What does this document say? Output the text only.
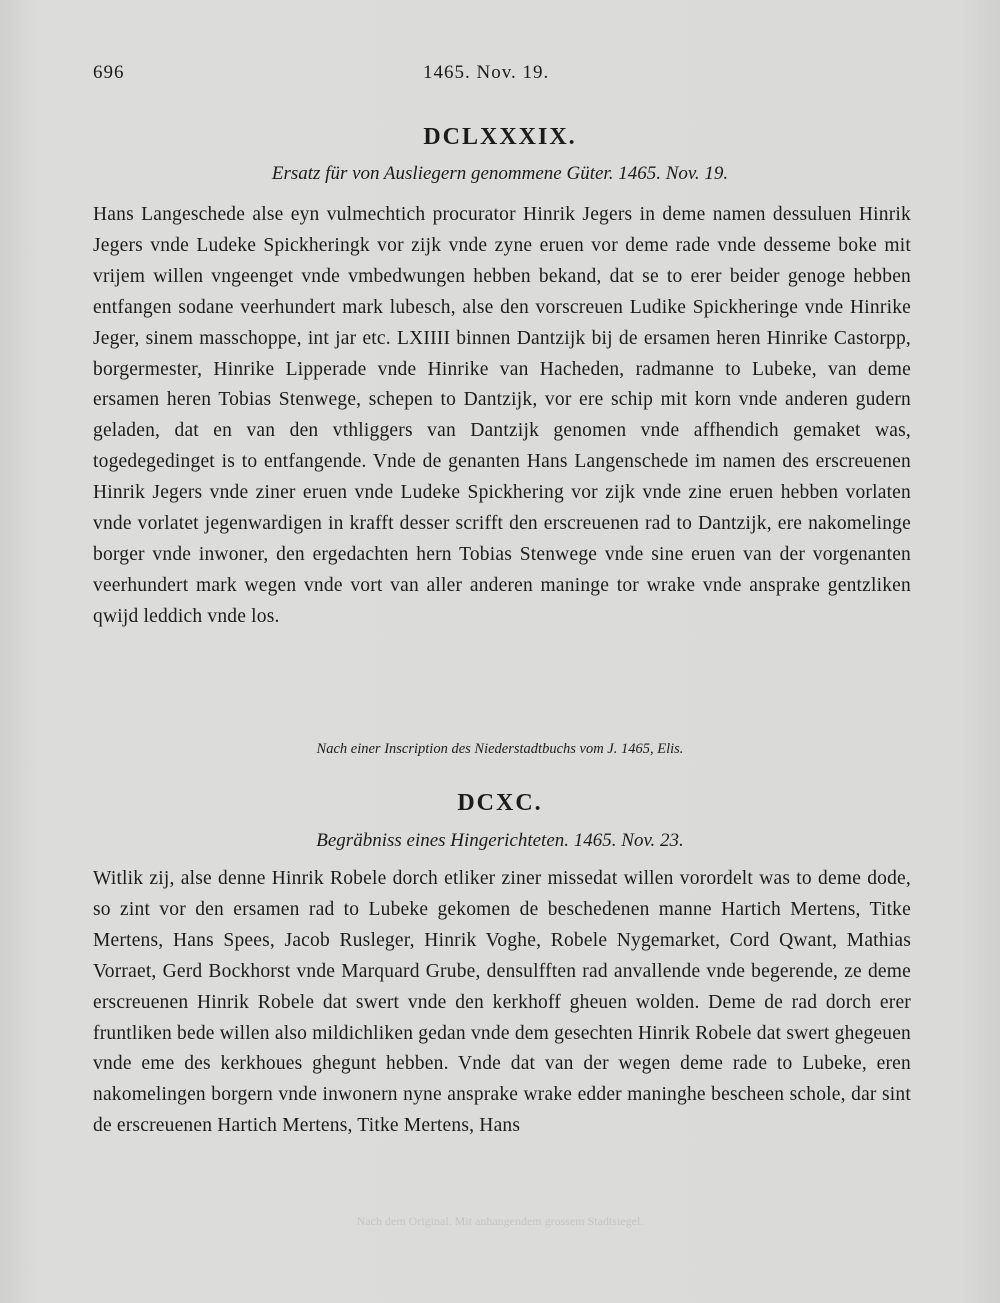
696	1465. Nov. 19.
DCLXXXIX.
Ersatz für von Ausliegern genommene Güter. 1465. Nov. 19.
Hans Langeschede alse eyn vulmechtich procurator Hinrik Jegers in deme namen dessuluen Hinrik Jegers vnde Ludeke Spickheringk vor zijk vnde zyne eruen vor deme rade vnde desseme boke mit vrijem willen vngeenget vnde vmbedwungen hebben bekand, dat se to erer beider genoge hebben entfangen sodane veerhundert mark lubesch, alse den vorscreuen Ludike Spickheringe vnde Hinrike Jeger, sinem masschoppe, int jar etc. LXIIII binnen Dantzijk bij de ersamen heren Hinrike Castorpp, borgermester, Hinrike Lipperade vnde Hinrike van Hacheden, radmanne to Lubeke, van deme ersamen heren Tobias Stenwege, schepen to Dantzijk, vor ere schip mit korn vnde anderen gudern geladen, dat en van den vthliggers van Dantzijk genomen vnde affhendich gemaket was, togedegedinget is to entfangende. Vnde de genanten Hans Langenschede im namen des erscreuenen Hinrik Jegers vnde ziner eruen vnde Ludeke Spickhering vor zijk vnde zine eruen hebben vorlaten vnde vorlatet jegenwardigen in krafft desser scrifft den erscreuenen rad to Dantzijk, ere nakomelinge borger vnde inwoner, den ergedachten hern Tobias Stenwege vnde sine eruen van der vorgenanten veerhundert mark wegen vnde vort van aller anderen maninge tor wrake vnde ansprake gentzliken qwijd leddich vnde los.
Nach einer Inscription des Niederstadtbuchs vom J. 1465, Elis.
DCXC.
Begräbniss eines Hingerichteten. 1465. Nov. 23.
Witlik zij, alse denne Hinrik Robele dorch etliker ziner missedat willen vorordelt was to deme dode, so zint vor den ersamen rad to Lubeke gekomen de beschedenen manne Hartich Mertens, Titke Mertens, Hans Spees, Jacob Rusleger, Hinrik Voghe, Robele Nygemarket, Cord Qwant, Mathias Vorraet, Gerd Bockhorst vnde Marquard Grube, densulfften rad anvallende vnde begerende, ze deme erscreuenen Hinrik Robele dat swert vnde den kerkhoff gheuen wolden. Deme de rad dorch erer fruntliken bede willen also mildichliken gedan vnde dem gesechten Hinrik Robele dat swert ghegeuen vnde eme des kerkhoues ghegunt hebben. Vnde dat van der wegen deme rade to Lubeke, eren nakomelingen borgern vnde inwonern nyne ansprake wrake edder maninghe bescheen schole, dar sint de erscreuenen Hartich Mertens, Titke Mertens, Hans
Nach dem Original. Mit anhangendem grossem Stadtsiegel.
